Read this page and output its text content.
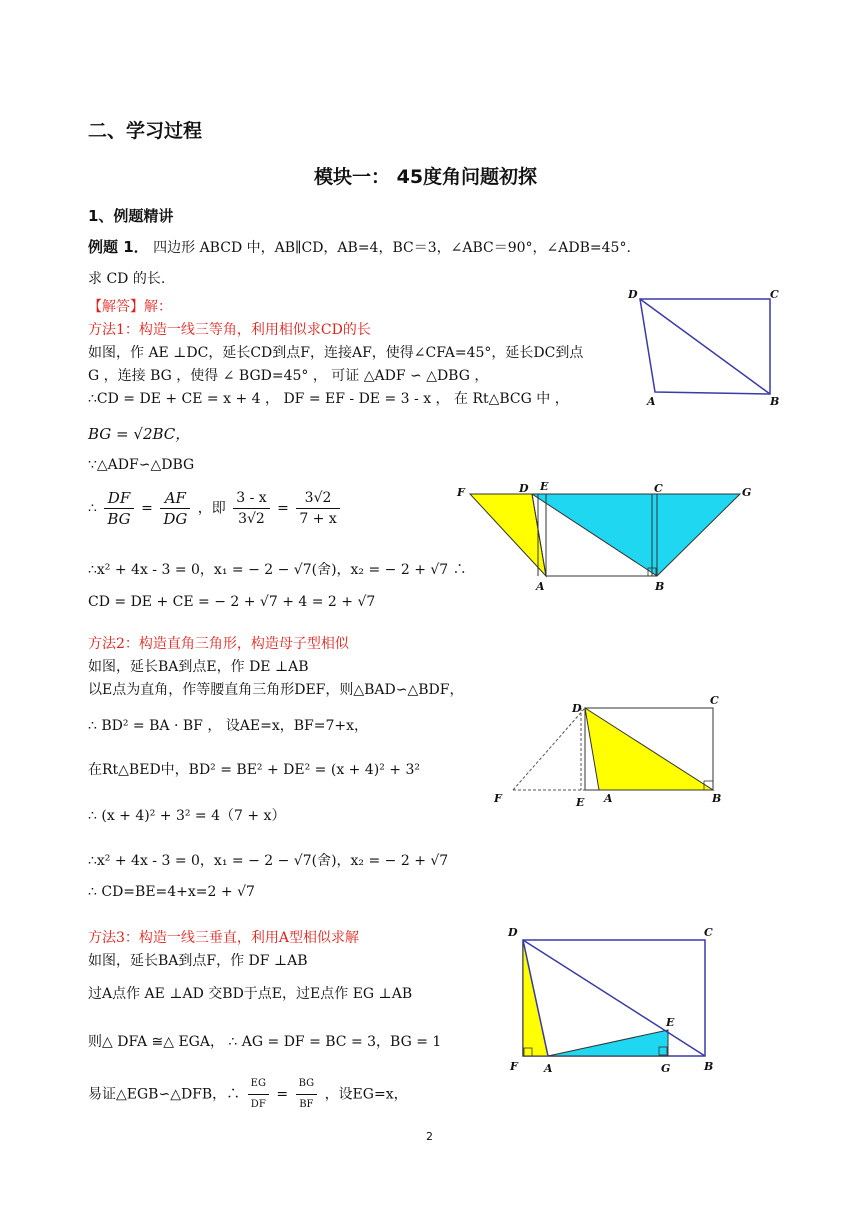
二、学习过程
模块一： 45度角问题初探
1、例题精讲
例题 1． 四边形 ABCD 中，AB∥CD，AB=4，BC＝3，∠ABC＝90°，∠ADB=45°.
求 CD 的长.
【解答】解：
方法1：构造一线三等角，利用相似求CD的长
如图，作 AE ⊥DC，延长CD到点F，连接AF，使得∠CFA=45°，延长DC到点
G ，连接 BG ，使得 ∠ BGD=45° ， 可证 △ADF ∽ △DBG ，
∴CD = DE + CE = x + 4 ， DF = EF - DE = 3 - x ， 在 Rt△BCG 中 ，
BG = √2BC，
∵△ADF∽△DBG
∴ $\frac{DF}{BG} = \frac{AF}{DG}$ ，即 $\frac{3 - x}{3√2} = \frac{3√2}{7 + x}$
∴x² + 4x - 3 = 0，x₁ = − 2 − √7(舍)，x₂ = − 2 + √7 ∴
CD = DE + CE = − 2 + √7 + 4 = 2 + √7
方法2：构造直角三角形，构造母子型相似
如图，延长BA到点E，作 DE ⊥AB
以E点为直角，作等腰直角三角形DEF，则△BAD∽△BDF，
∴ BD² = BA · BF ， 设AE=x，BF=7+x，
在Rt△BED中，BD² = BE² + DE² = (x + 4)² + 3²
∴ (x + 4)² + 3² = 4（7 + x）
∴x² + 4x - 3 = 0，x₁ = − 2 − √7(舍)，x₂ = − 2 + √7
∴ CD=BE=4+x=2 + √7
方法3：构造一线三垂直，利用A型相似求解
如图，延长BA到点F，作 DF ⊥AB
过A点作 AE ⊥AD 交BD于点E，过E点作 EG ⊥AB
则△ DFA ≅△ EGA， ∴ AG = DF = BC = 3，BG = 1
易证△EGB∽△DFB，∴ $\frac{EG}{DF} = \frac{BG}{BF}$ ，设EG=x，
D	C
A	B
F	D E	C	G
A	B
D
C
F	E A	B
D	C
E
F A	G	B
2
